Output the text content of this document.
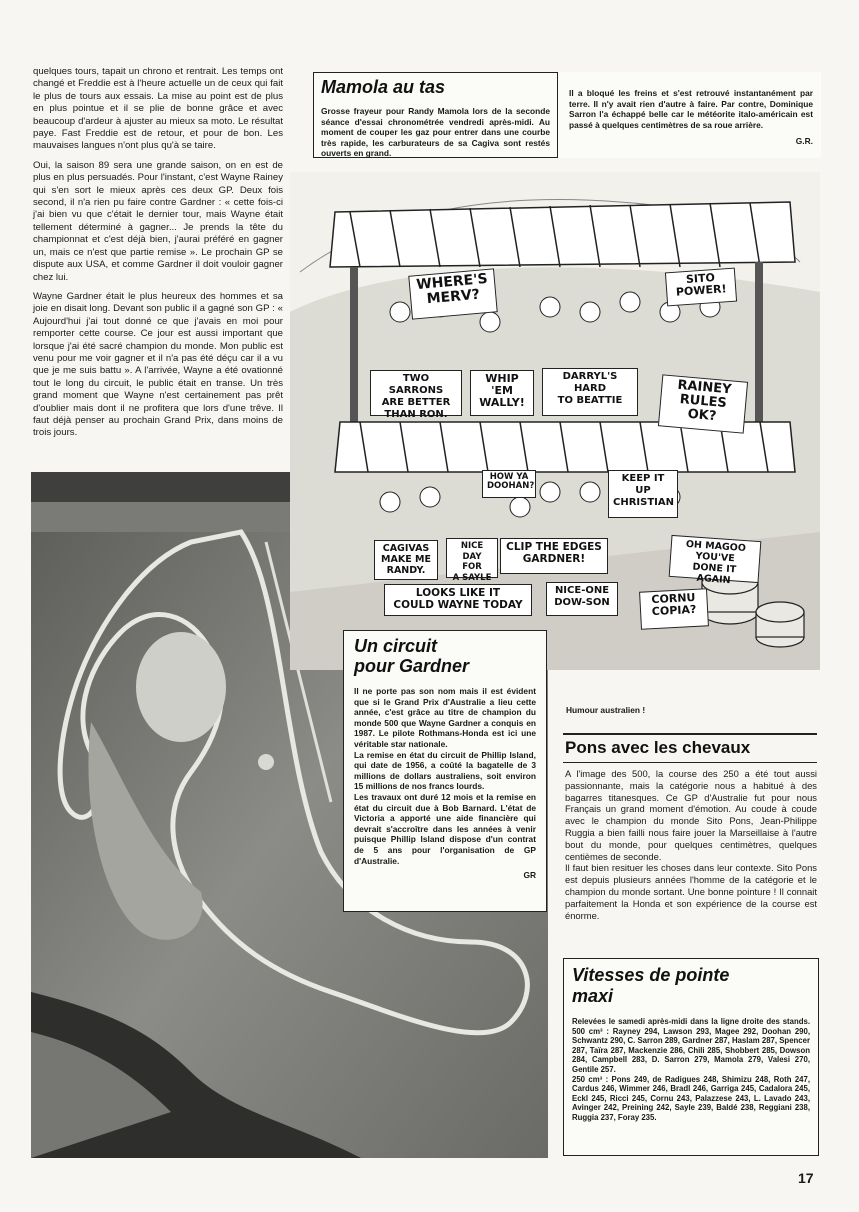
quelques tours, tapait un chrono et rentrait. Les temps ont changé et Freddie est à l'heure actuelle un de ceux qui fait le plus de tours aux essais. La mise au point est de plus en plus pointue et il se plie de bonne grâce et avec beaucoup d'ardeur à ajuster au mieux sa moto. Le résultat paye. Fast Freddie est de retour, et pour de bon. Les mauvaises langues n'ont plus qu'à se taire.

Oui, la saison 89 sera une grande saison, on en est de plus en plus persuadés. Pour l'instant, c'est Wayne Rainey qui s'en sort le mieux après ces deux GP. Deux fois second, il n'a rien pu faire contre Gardner : « cette fois-ci j'ai bien vu que c'était le dernier tour, mais Wayne était tellement déterminé à gagner... Je prends la tête du championnat et c'est déjà bien, j'aurai préféré en gagner un, mais ce n'est que partie remise ». Le prochain GP se dispute aux USA, et comme Gardner il doit vouloir gagner chez lui.

Wayne Gardner était le plus heureux des hommes et sa joie en disait long. Devant son public il a gagné son GP : « Aujourd'hui j'ai tout donné ce que j'avais en moi pour remporter cette course. Ce jour est aussi important que lorsque j'ai été sacré champion du monde. Mon public est venu pour me voir gagner et il n'a pas été déçu car il a vu que je me suis battu ». A l'arrivée, Wayne a été ovationné tout le long du circuit, le public était en transe. Un très grand moment que Wayne n'est certainement pas prêt d'oublier mais dont il ne profitera que lors d'une trêve. Il faut déjà penser au prochain Grand Prix, dans moins de trois jours.

Mamola au tas
Grosse frayeur pour Randy Mamola lors de la seconde séance d'essai chronométrée vendredi après-midi. Au moment de couper les gaz pour entrer dans une courbe très rapide, les carburateurs de sa Cagiva sont restés ouverts en grand.
Il a bloqué les freins et s'est retrouvé instantanément par terre. Il n'y avait rien d'autre à faire. Par contre, Dominique Sarron l'a échappé belle car le météorite italo-américain est passé à quelques centimètres de sa roue arrière.
G.R.
WHERE'S
MERV?
SITO
POWER!
TWO SARRONS
ARE BETTER
THAN RON.
WHIP
'EM
WALLY!
DARRYL'S
HARD
TO BEATTIE
RAINEY
RULES
OK?
HOW YA
DOOHAN?
KEEP IT
UP
CHRISTIAN
CAGIVAS
MAKE ME
RANDY.
NICE DAY
FOR
A SAYLE
CLIP THE EDGES
GARDNER!
OH MAGOO
YOU'VE
DONE IT AGAIN
LOOKS LIKE IT
COULD WAYNE TODAY
NICE-ONE
DOW-SON	CORNU
COPIA?
Humour australien !
Un circuit
pour Gardner
Il ne porte pas son nom mais il est évident que si le Grand Prix d'Australie a lieu cette année, c'est grâce au titre de champion du monde 500 que Wayne Gardner a conquis en 1987. Le pilote Rothmans-Honda est ici une véritable star nationale.
La remise en état du circuit de Phillip Island, qui date de 1956, a coûté la bagatelle de 3 millions de dollars australiens, soit environ 15 millions de nos francs lourds.
Les travaux ont duré 12 mois et la remise en état du circuit due à Bob Barnard. L'état de Victoria a apporté une aide financière qui devrait s'accroître dans les années à venir puisque Phillip Island dispose d'un contrat de 5 ans pour l'organisation de GP d'Australie.
GR
Pons avec les chevaux

A l'image des 500, la course des 250 a été tout aussi passionnante, mais la catégorie nous a habitué à des bagarres titanesques. Ce GP d'Australie fut pour nous Français un grand moment d'émotion. Au coude à coude avec le champion du monde Sito Pons, Jean-Philippe Ruggia a bien failli nous faire jouer la Marseillaise à l'autre bout du monde, pour quelques centimètres, quelques centièmes de seconde.

Il faut bien resituer les choses dans leur contexte. Sito Pons est depuis plusieurs années l'homme de la catégorie et le champion du monde sortant. Une bonne pointure ! Il connait parfaitement la Honda et son expérience de la course est énorme.

Vitesses de pointe
maxi
Relevées le samedi après-midi dans la ligne droite des stands. 500 cm³ : Rayney 294, Lawson 293, Magee 292, Doohan 290, Schwantz 290, C. Sarron 289, Gardner 287, Haslam 287, Spencer 287, Taïra 287, Mackenzie 286, Chili 285, Shobbert 285, Dowson 284, Campbell 283, D. Sarron 279, Mamola 279, Valesi 270, Gentile 257.
250 cm³ : Pons 249, de Radigues 248, Shimizu 248, Roth 247, Cardus 246, Wimmer 246, Bradl 246, Garriga 245, Cadalora 245, Eckl 245, Ricci 245, Cornu 243, Palazzese 243, L. Lavado 243, Avinger 242, Preining 242, Sayle 239, Baldé 238, Reggiani 238, Ruggia 237, Foray 235.
17
